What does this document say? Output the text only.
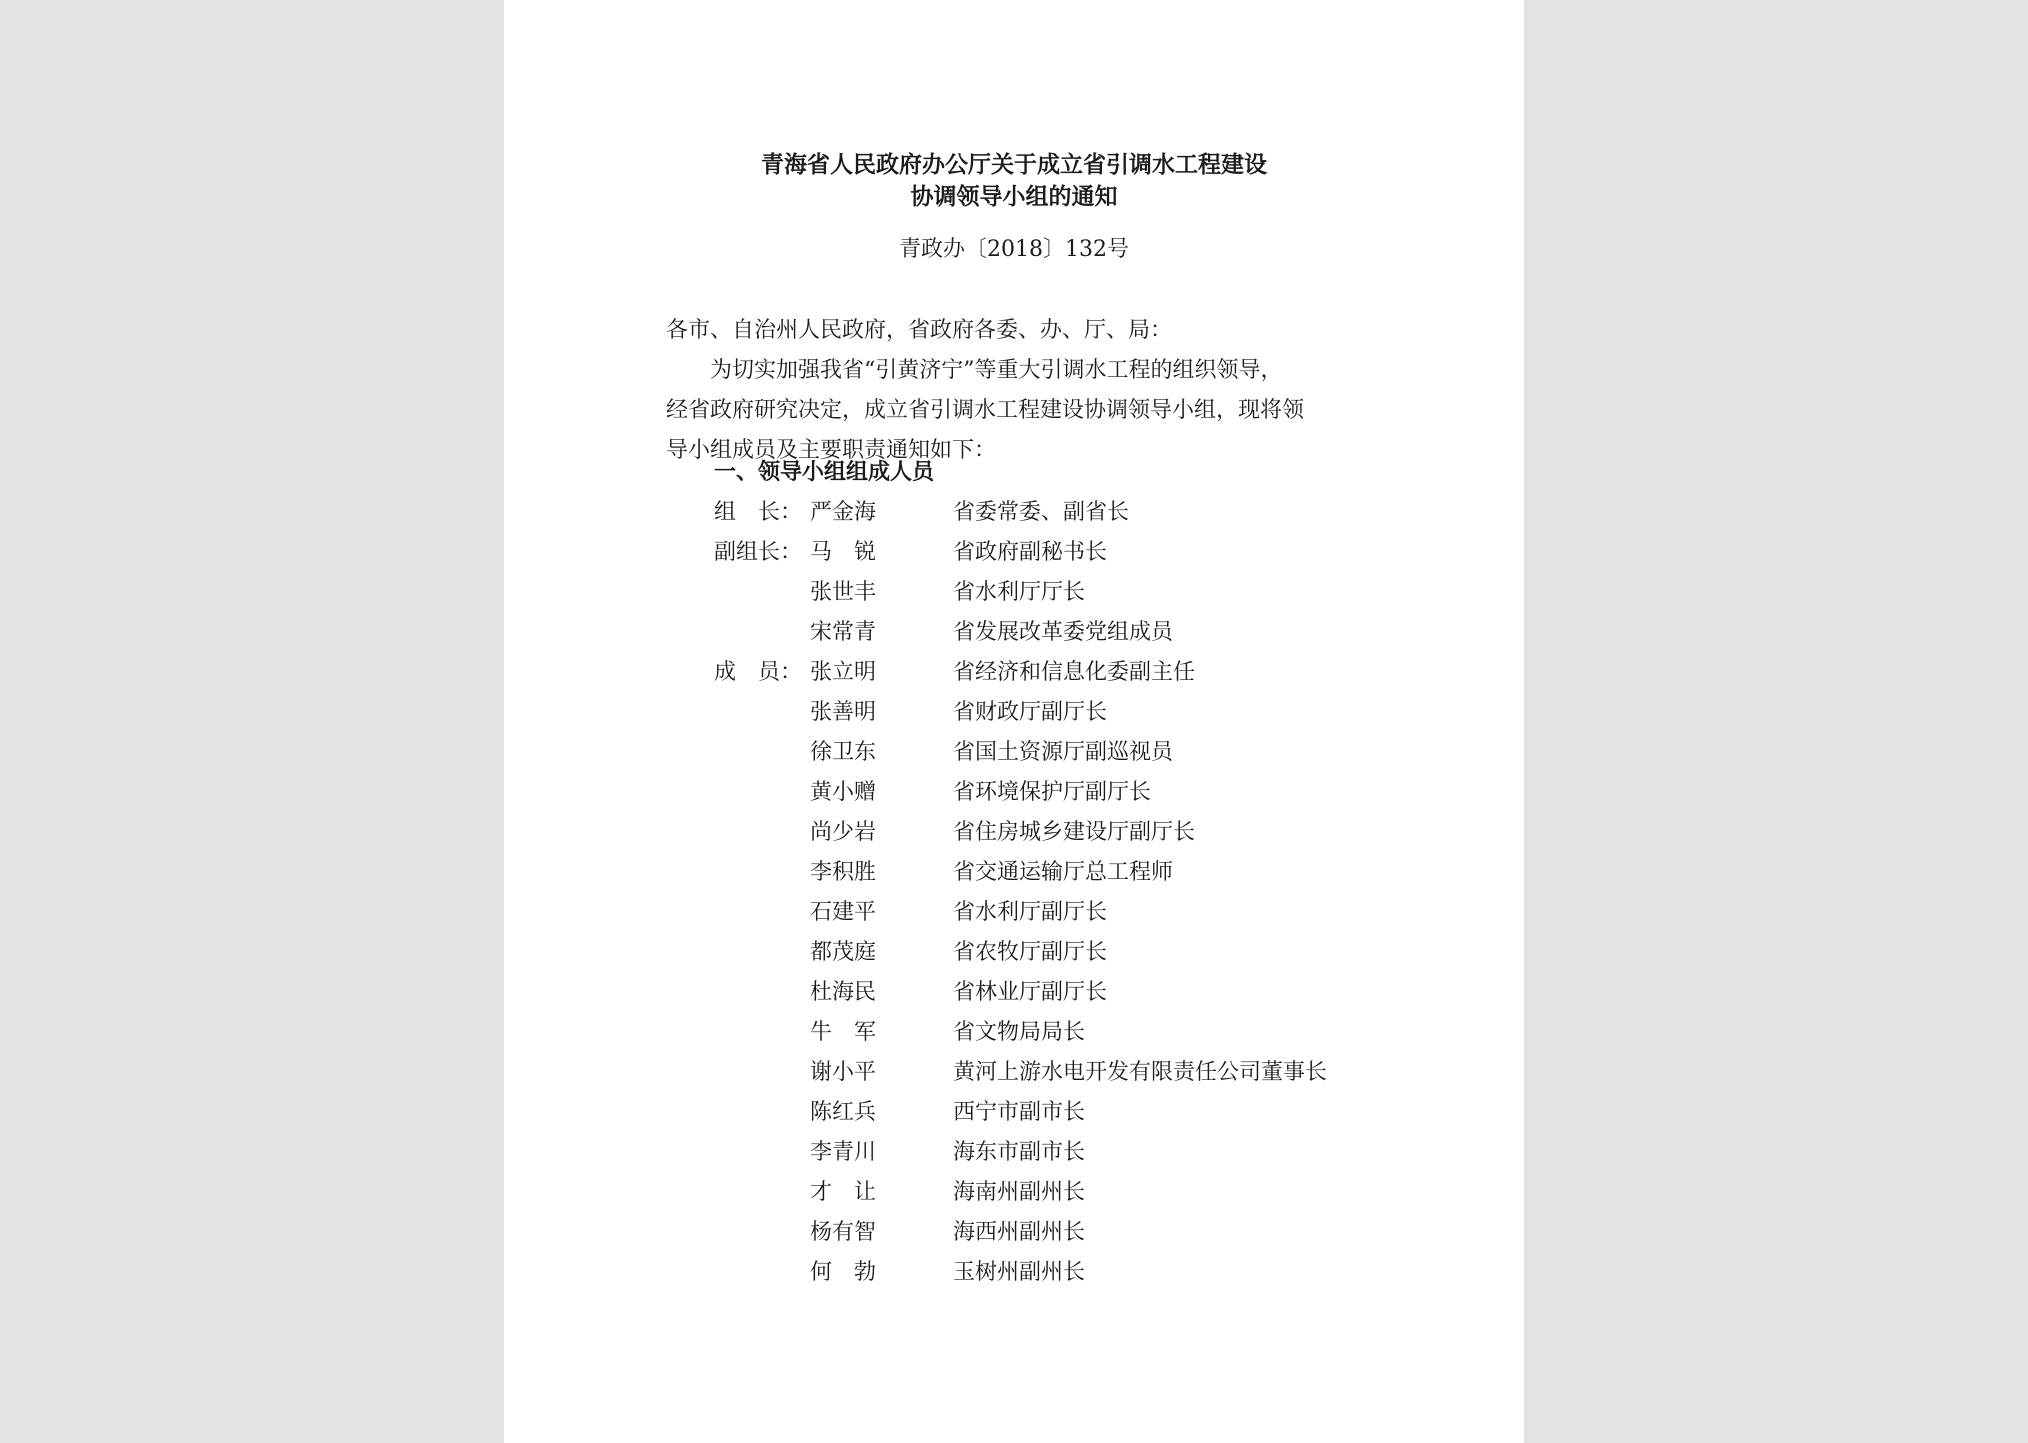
青海省人民政府办公厅关于成立省引调水工程建设
协调领导小组的通知
青政办〔2018〕132号
各市、自治州人民政府，省政府各委、办、厅、局：
　　为切实加强我省“引黄济宁”等重大引调水工程的组织领导，
经省政府研究决定，成立省引调水工程建设协调领导小组，现将领
导小组成员及主要职责通知如下：
一、领导小组组成人员
组　长： 严金海	省委常委、副省长
副组长： 马　锐	省政府副秘书长
张世丰	省水利厅厅长
宋常青	省发展改革委党组成员
成　员： 张立明	省经济和信息化委副主任
张善明	省财政厅副厅长
徐卫东	省国土资源厅副巡视员
黄小赠	省环境保护厅副厅长
尚少岩	省住房城乡建设厅副厅长
李积胜	省交通运输厅总工程师
石建平	省水利厅副厅长
都茂庭	省农牧厅副厅长
杜海民	省林业厅副厅长
牛　军	省文物局局长
谢小平	黄河上游水电开发有限责任公司董事长
陈红兵	西宁市副市长
李青川	海东市副市长
才　让	海南州副州长
杨有智	海西州副州长
何　勃	玉树州副州长
